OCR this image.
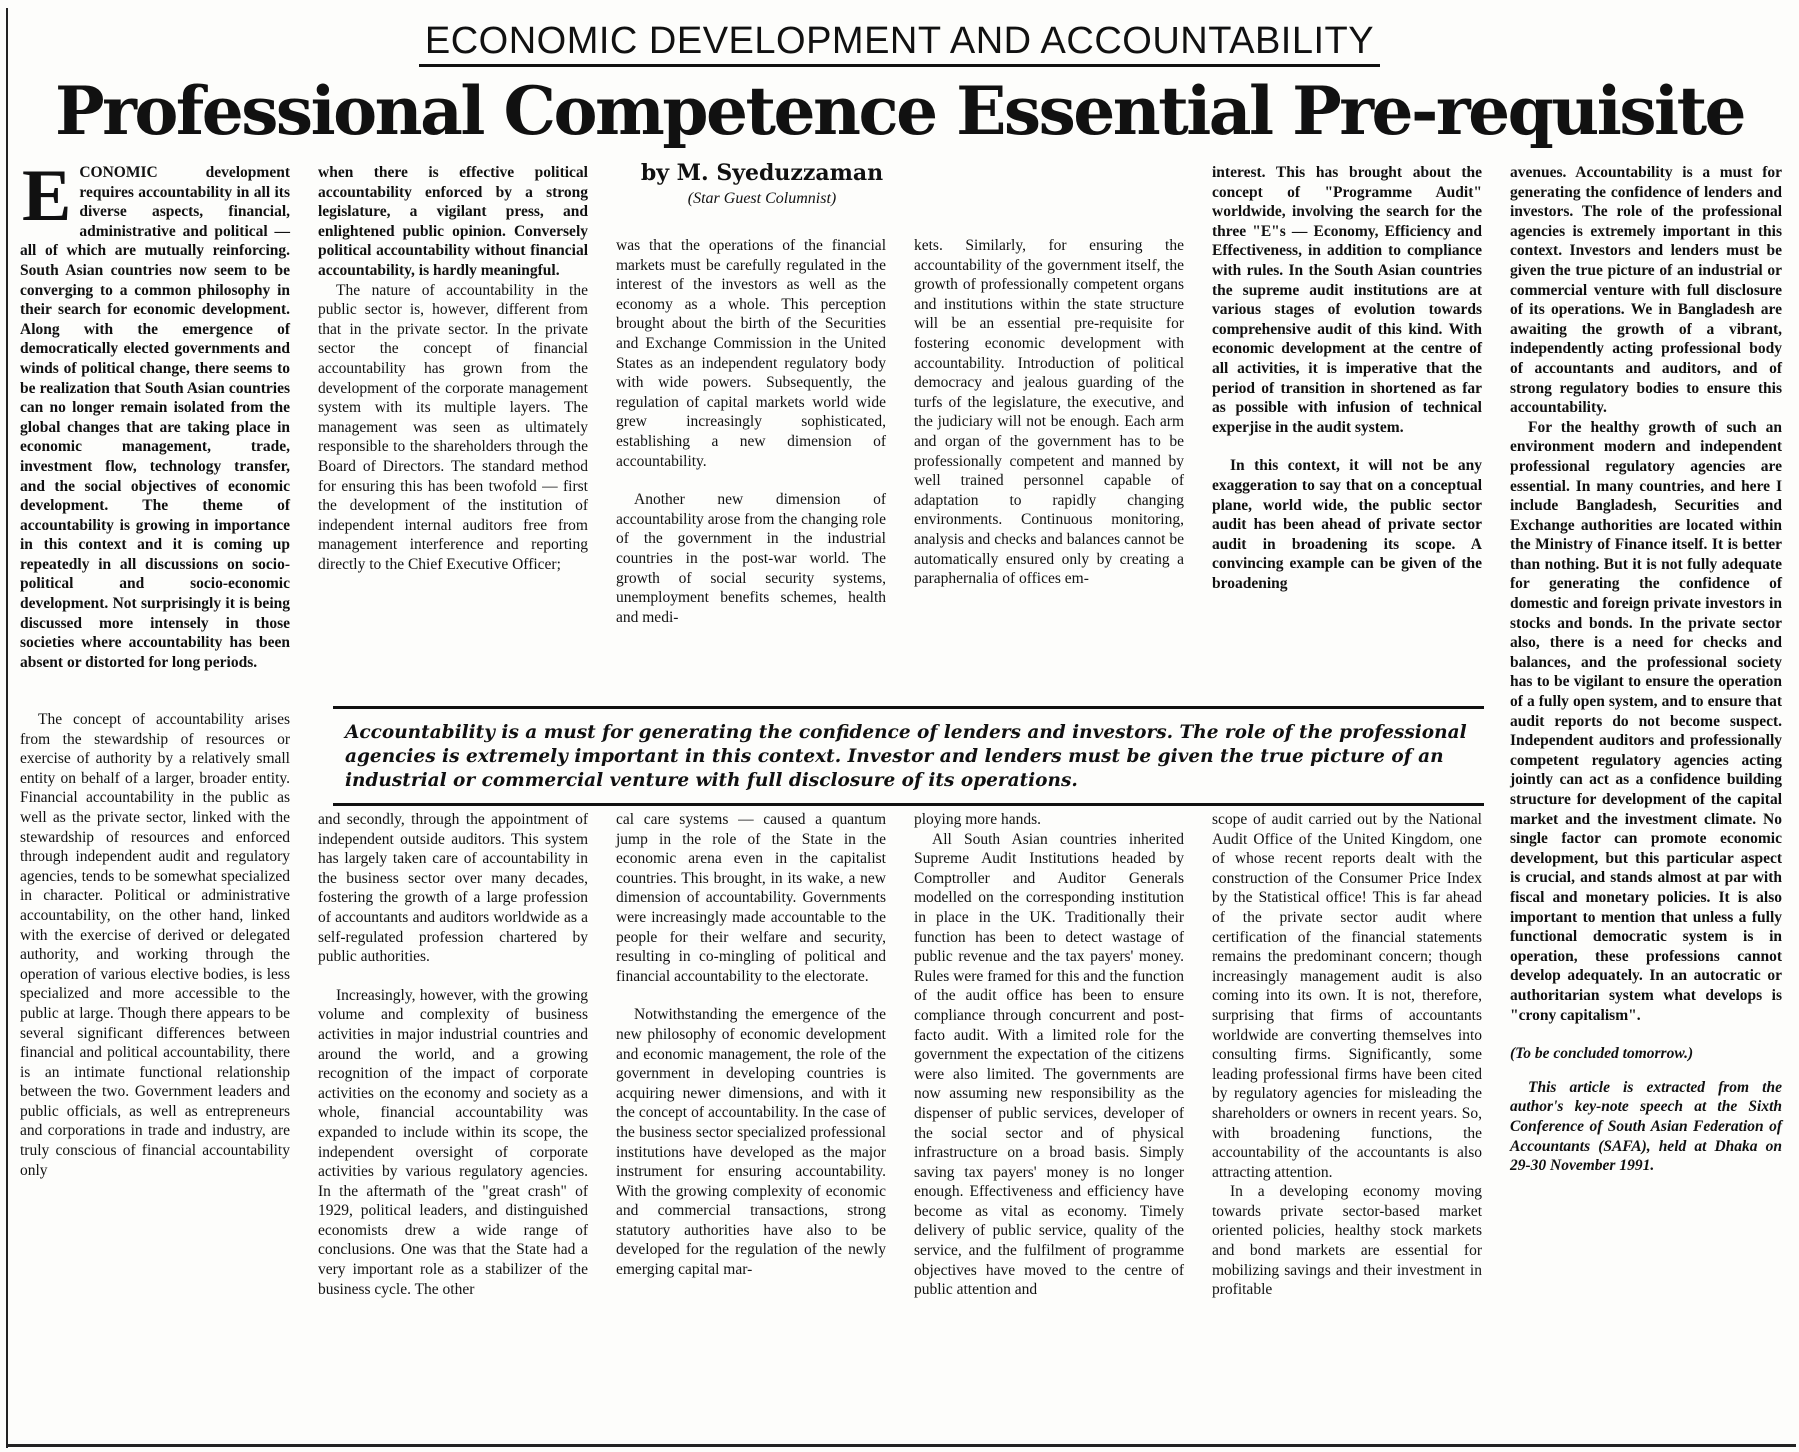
ECONOMIC DEVELOPMENT AND ACCOUNTABILITY
Professional Competence Essential Pre-requisite
by M. Syeduzzaman
(Star Guest Columnist)

ECONOMIC development requires accountability in all its diverse aspects, financial, administrative and political — all of which are mutually reinforcing. South Asian countries now seem to be converging to a common philosophy in their search for economic development. Along with the emergence of democratically elected governments and winds of political change, there seems to be realization that South Asian countries can no longer remain isolated from the global changes that are taking place in economic management, trade, investment flow, technology transfer, and the social objectives of economic development. The theme of accountability is growing in importance in this context and it is coming up repeatedly in all discussions on socio- political and socio-economic development. Not surprisingly it is being discussed more intensely in those societies where accountability has been absent or distorted for long periods.

The concept of accountability arises from the stewardship of resources or exercise of authority by a relatively small entity on behalf of a larger, broader entity. Financial accountability in the public as well as the private sector, linked with the stewardship of resources and enforced through independent audit and regulatory agencies, tends to be somewhat specialized in character. Political or administrative accountability, on the other hand, linked with the exercise of derived or delegated authority, and working through the operation of various elective bodies, is less specialized and more accessible to the public at large. Though there appears to be several significant differences between financial and political accountability, there is an intimate functional relationship between the two. Government leaders and public officials, as well as entrepreneurs and corporations in trade and industry, are truly conscious of financial accountability only

when there is effective political accountability enforced by a strong legislature, a vigilant press, and enlightened public opinion. Conversely political accountability without financial accountability, is hardly meaningful.

The nature of accountability in the public sector is, however, different from that in the private sector. In the private sector the concept of financial accountability has grown from the development of the corporate management system with its multiple layers. The management was seen as ultimately responsible to the shareholders through the Board of Directors. The standard method for ensuring this has been twofold — first the development of the institution of independent internal auditors free from management interference and reporting directly to the Chief Executive Officer;

and secondly, through the appointment of independent outside auditors. This system has largely taken care of accountability in the business sector over many decades, fostering the growth of a large profession of accountants and auditors worldwide as a self-regulated profession chartered by public authorities.

Increasingly, however, with the growing volume and complexity of business activities in major industrial countries and around the world, and a growing recognition of the impact of corporate activities on the economy and society as a whole, financial accountability was expanded to include within its scope, the independent oversight of corporate activities by various regulatory agencies. In the aftermath of the "great crash" of 1929, political leaders, and distinguished economists drew a wide range of conclusions. One was that the State had a very important role as a stabilizer of the business cycle. The other

was that the operations of the financial markets must be carefully regulated in the interest of the investors as well as the economy as a whole. This perception brought about the birth of the Securities and Exchange Commission in the United States as an independent regulatory body with wide powers. Subsequently, the regulation of capital markets world wide grew increasingly sophisticated, establishing a new dimension of accountability.

Another new dimension of accountability arose from the changing role of the government in the industrial countries in the post-war world. The growth of social security systems, unemployment benefits schemes, health and medi-

cal care systems — caused a quantum jump in the role of the State in the economic arena even in the capitalist countries. This brought, in its wake, a new dimension of accountability. Governments were increasingly made accountable to the people for their welfare and security, resulting in co-mingling of political and financial accountability to the electorate.

Notwithstanding the emergence of the new philosophy of economic development and economic management, the role of the government in developing countries is acquiring newer dimensions, and with it the concept of accountability. In the case of the business sector specialized professional institutions have developed as the major instrument for ensuring accountability. With the growing complexity of economic and commercial transactions, strong statutory authorities have also to be developed for the regulation of the newly emerging capital mar-

kets. Similarly, for ensuring the accountability of the government itself, the growth of professionally competent organs and institutions within the state structure will be an essential pre-requisite for fostering economic development with accountability. Introduction of political democracy and jealous guarding of the turfs of the legislature, the executive, and the judiciary will not be enough. Each arm and organ of the government has to be professionally competent and manned by well trained personnel capable of adaptation to rapidly changing environments. Continuous monitoring, analysis and checks and balances cannot be automatically ensured only by creating a paraphernalia of offices em-

ploying more hands.

All South Asian countries inherited Supreme Audit Institutions headed by Comptroller and Auditor Generals modelled on the corresponding institution in place in the UK. Traditionally their function has been to detect wastage of public revenue and the tax payers' money. Rules were framed for this and the function of the audit office has been to ensure compliance through concurrent and post-facto audit. With a limited role for the government the expectation of the citizens were also limited. The governments are now assuming new responsibility as the dispenser of public services, developer of the social sector and of physical infrastructure on a broad basis. Simply saving tax payers' money is no longer enough. Effectiveness and efficiency have become as vital as economy. Timely delivery of public service, quality of the service, and the fulfilment of programme objectives have moved to the centre of public attention and

interest. This has brought about the concept of "Programme Audit" worldwide, involving the search for the three "E"s — Economy, Efficiency and Effectiveness, in addition to compliance with rules. In the South Asian countries the supreme audit institutions are at various stages of evolution towards comprehensive audit of this kind. With economic development at the centre of all activities, it is imperative that the period of transition in shortened as far as possible with infusion of technical experjise in the audit system.

In this context, it will not be any exaggeration to say that on a conceptual plane, world wide, the public sector audit has been ahead of private sector audit in broadening its scope. A convincing example can be given of the broadening

scope of audit carried out by the National Audit Office of the United Kingdom, one of whose recent reports dealt with the construction of the Consumer Price Index by the Statistical office! This is far ahead of the private sector audit where certification of the financial statements remains the predominant concern; though increasingly management audit is also coming into its own. It is not, therefore, surprising that firms of accountants worldwide are converting themselves into consulting firms. Significantly, some leading professional firms have been cited by regulatory agencies for misleading the shareholders or owners in recent years. So, with broadening functions, the accountability of the accountants is also attracting attention.

In a developing economy moving towards private sector-based market oriented policies, healthy stock markets and bond markets are essential for mobilizing savings and their investment in profitable

avenues. Accountability is a must for generating the confidence of lenders and investors. The role of the professional agencies is extremely important in this context. Investors and lenders must be given the true picture of an industrial or commercial venture with full disclosure of its operations. We in Bangladesh are awaiting the growth of a vibrant, independently acting professional body of accountants and auditors, and of strong regulatory bodies to ensure this accountability.

For the healthy growth of such an environment modern and independent professional regulatory agencies are essential. In many countries, and here I include Bangladesh, Securities and Exchange authorities are located within the Ministry of Finance itself. It is better than nothing. But it is not fully adequate for generating the confidence of domestic and foreign private investors in stocks and bonds. In the private sector also, there is a need for checks and balances, and the professional society has to be vigilant to ensure the operation of a fully open system, and to ensure that audit reports do not become suspect. Independent auditors and professionally competent regulatory agencies acting jointly can act as a confidence building structure for development of the capital market and the investment climate. No single factor can promote economic development, but this particular aspect is crucial, and stands almost at par with fiscal and monetary policies. It is also important to mention that unless a fully functional democratic system is in operation, these professions cannot develop adequately. In an autocratic or authoritarian system what develops is "crony capitalism".

(To be concluded tomorrow.)

This article is extracted from the author's key-note speech at the Sixth Conference of South Asian Federation of Accountants (SAFA), held at Dhaka on 29-30 November 1991.

Accountability is a must for generating the confidence of lenders and investors. The role of the professional agencies is extremely important in this context. Investor and lenders must be given the true picture of an industrial or commercial venture with full disclosure of its operations.
